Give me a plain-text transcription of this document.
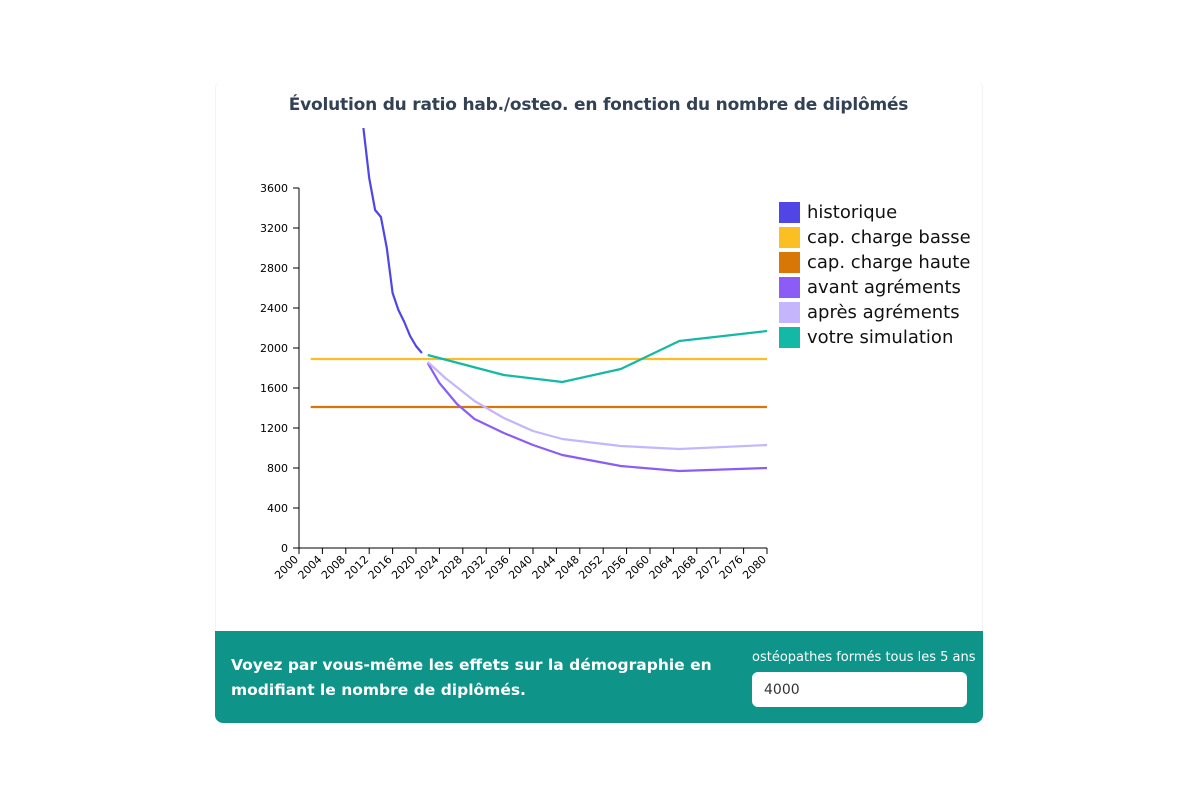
Évolution du ratio hab./osteo. en fonction du nombre de diplômés
0
400
800
1200
1600
2000
2400
2800
3200
3600
2000
2004
2008
2012
2016
2020
2024
2028
2032
2036
2040
2044
2048
2052
2056
2060
2064
2068
2072
2076
2080
historique
cap. charge basse
cap. charge haute
avant agréments
après agréments
votre simulation
Voyez par vous-même les effets sur la démographie en modifiant le nombre de diplômés.
ostéopathes formés tous les 5 ans
4000
